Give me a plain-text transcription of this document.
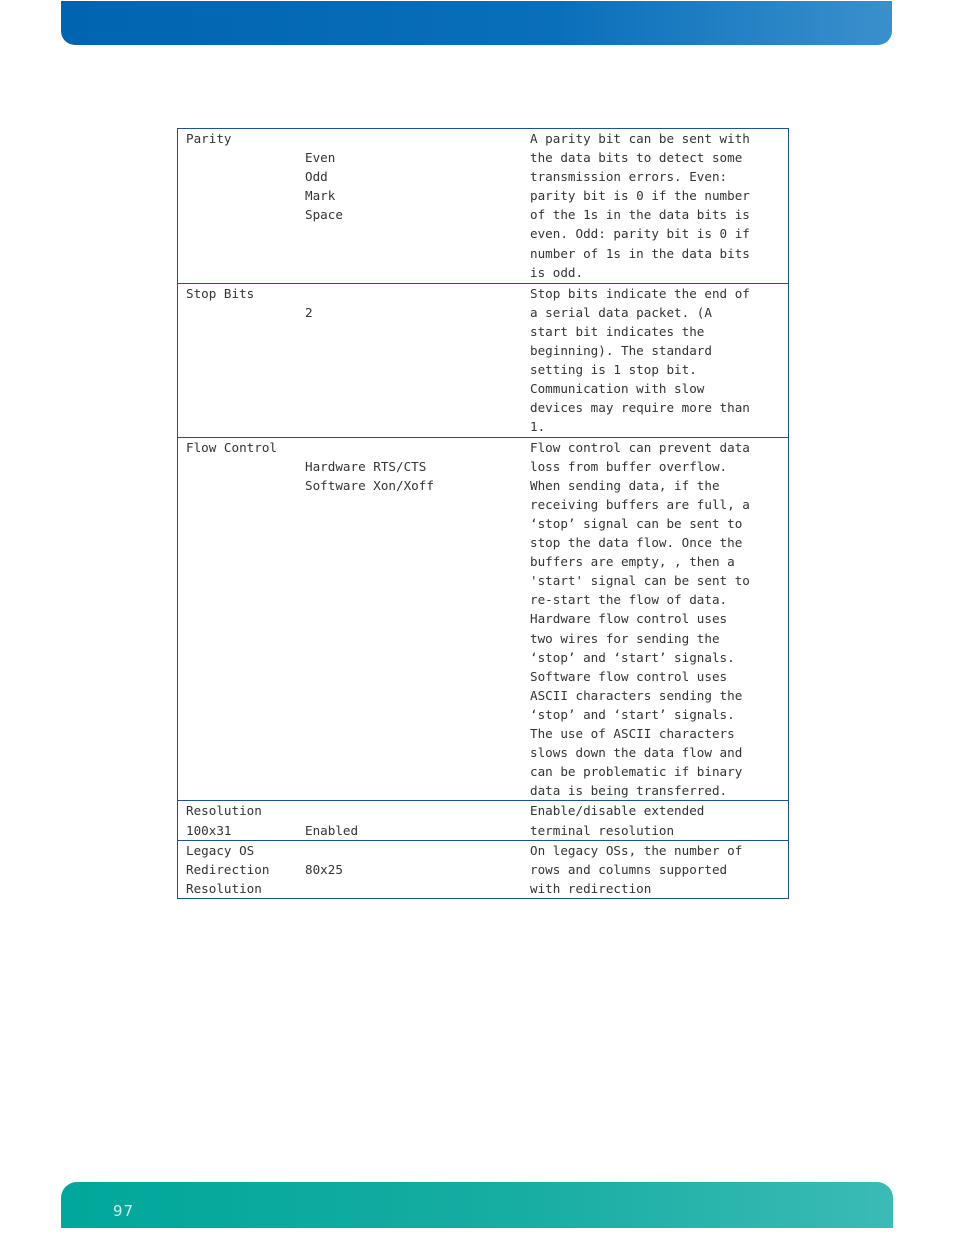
Parity
Even
Odd
Mark
Space
A parity bit can be sent with
the data bits to detect some
transmission errors. Even:
parity bit is 0 if the number
of the 1s in the data bits is
even. Odd: parity bit is 0 if
number of 1s in the data bits
is odd.
Stop Bits
2
Stop bits indicate the end of
a serial data packet. (A
start bit indicates the
beginning). The standard
setting is 1 stop bit.
Communication with slow
devices may require more than
1.
Flow Control
Hardware RTS/CTS
Software Xon/Xoff
Flow control can prevent data
loss from buffer overflow.
When sending data, if the
receiving buffers are full, a
‘stop’ signal can be sent to
stop the data flow. Once the
buffers are empty, , then a
'start' signal can be sent to
re-start the flow of data.
Hardware flow control uses
two wires for sending the
‘stop’ and ‘start’ signals.
Software flow control uses
ASCII characters sending the
‘stop’ and ‘start’ signals.
The use of ASCII characters
slows down the data flow and
can be problematic if binary
data is being transferred.
Resolution
100x31	Enabled
Enable/disable extended
terminal resolution
Legacy OS
Redirection
Resolution
80x25
On legacy OSs, the number of
rows and columns supported
with redirection
97
